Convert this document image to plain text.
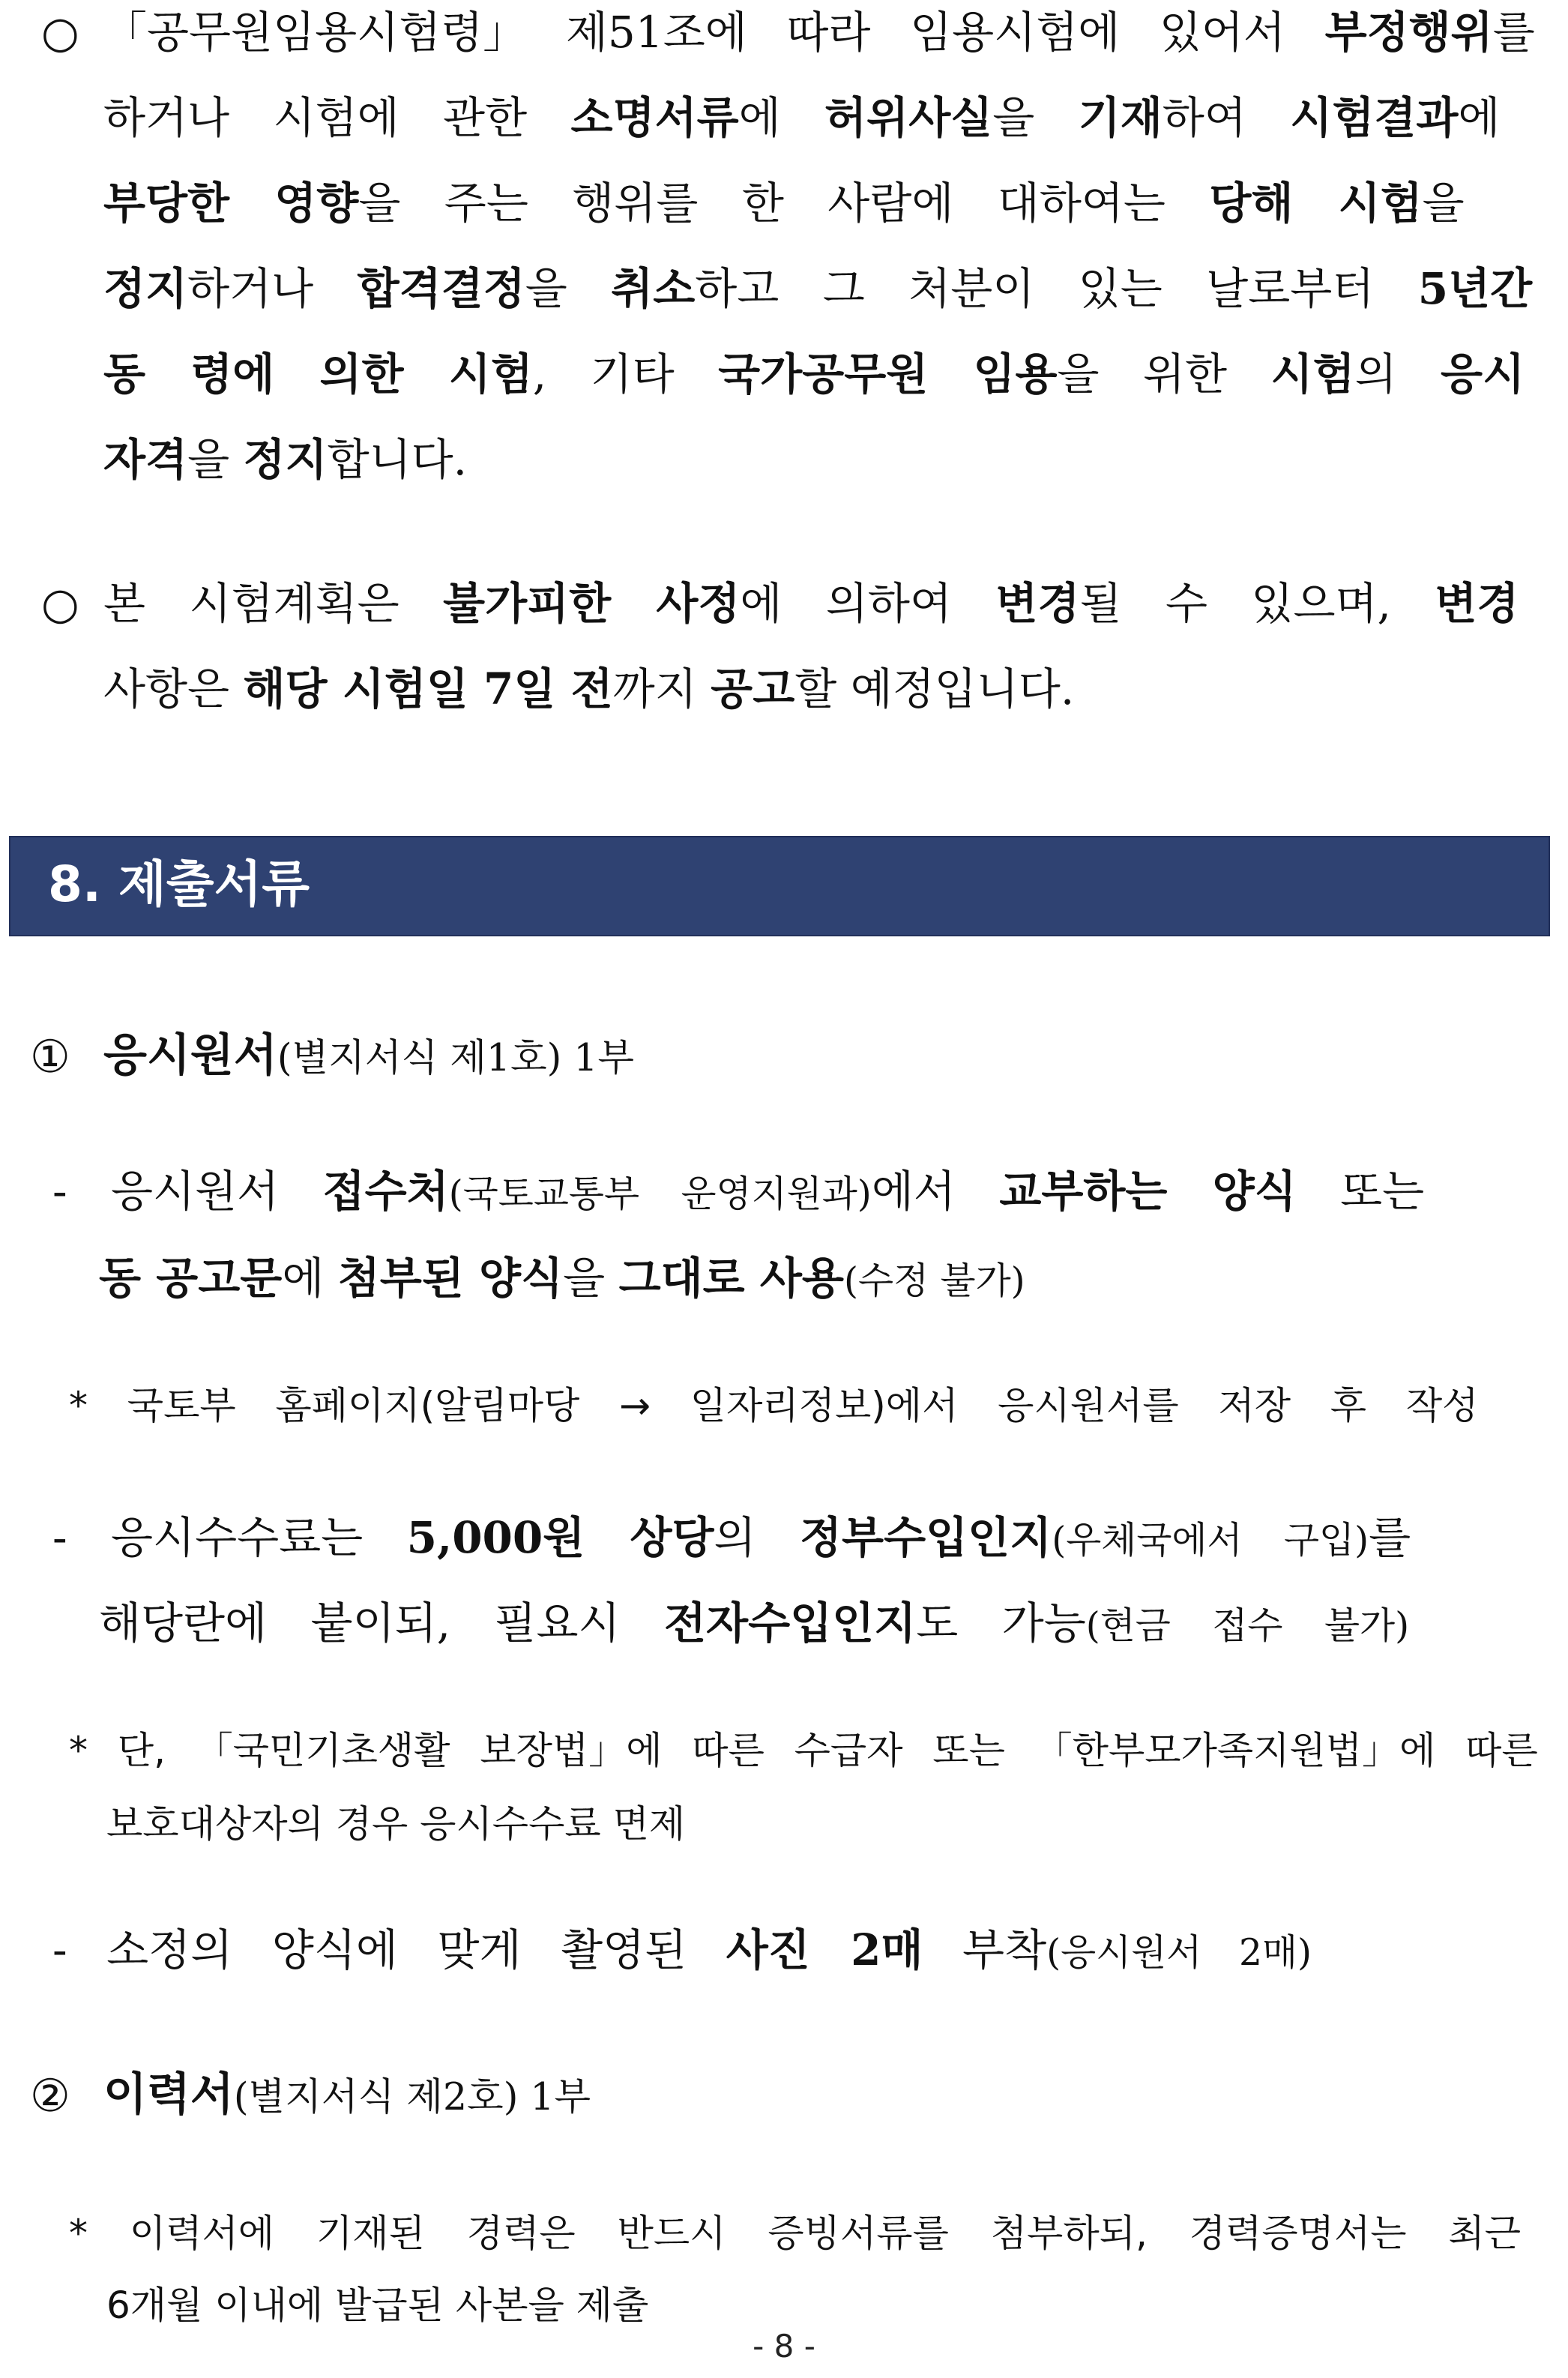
○ 「공무원임용시험령」 제51조에 따라 임용시험에 있어서 부정행위를
하거나 시험에 관한 소명서류에 허위사실을 기재하여 시험결과에
부당한 영향을 주는 행위를 한 사람에 대하여는 당해 시험을
정지하거나 합격결정을 취소하고 그 처분이 있는 날로부터 5년간
동 령에 의한 시험, 기타 국가공무원 임용을 위한 시험의 응시
자격을 정지합니다.
○ 본 시험계획은 불가피한 사정에 의하여 변경될 수 있으며, 변경
사항은 해당 시험일 7일 전까지 공고할 예정입니다.
8. 제출서류
① 응시원서(별지서식 제1호) 1부
- 응시원서 접수처(국토교통부 운영지원과)에서 교부하는 양식 또는
동 공고문에 첨부된 양식을 그대로 사용(수정 불가)
* 국토부 홈페이지(알림마당 → 일자리정보)에서 응시원서를 저장 후 작성
- 응시수수료는 5,000원 상당의 정부수입인지(우체국에서 구입)를
해당란에 붙이되, 필요시 전자수입인지도 가능(현금 접수 불가)
* 단, 「국민기초생활 보장법」에 따른 수급자 또는 「한부모가족지원법」에 따른
보호대상자의 경우 응시수수료 면제
- 소정의 양식에 맞게 촬영된 사진 2매 부착(응시원서 2매)
② 이력서(별지서식 제2호) 1부
* 이력서에 기재된 경력은 반드시 증빙서류를 첨부하되, 경력증명서는 최근
6개월 이내에 발급된 사본을 제출
- 8 -
